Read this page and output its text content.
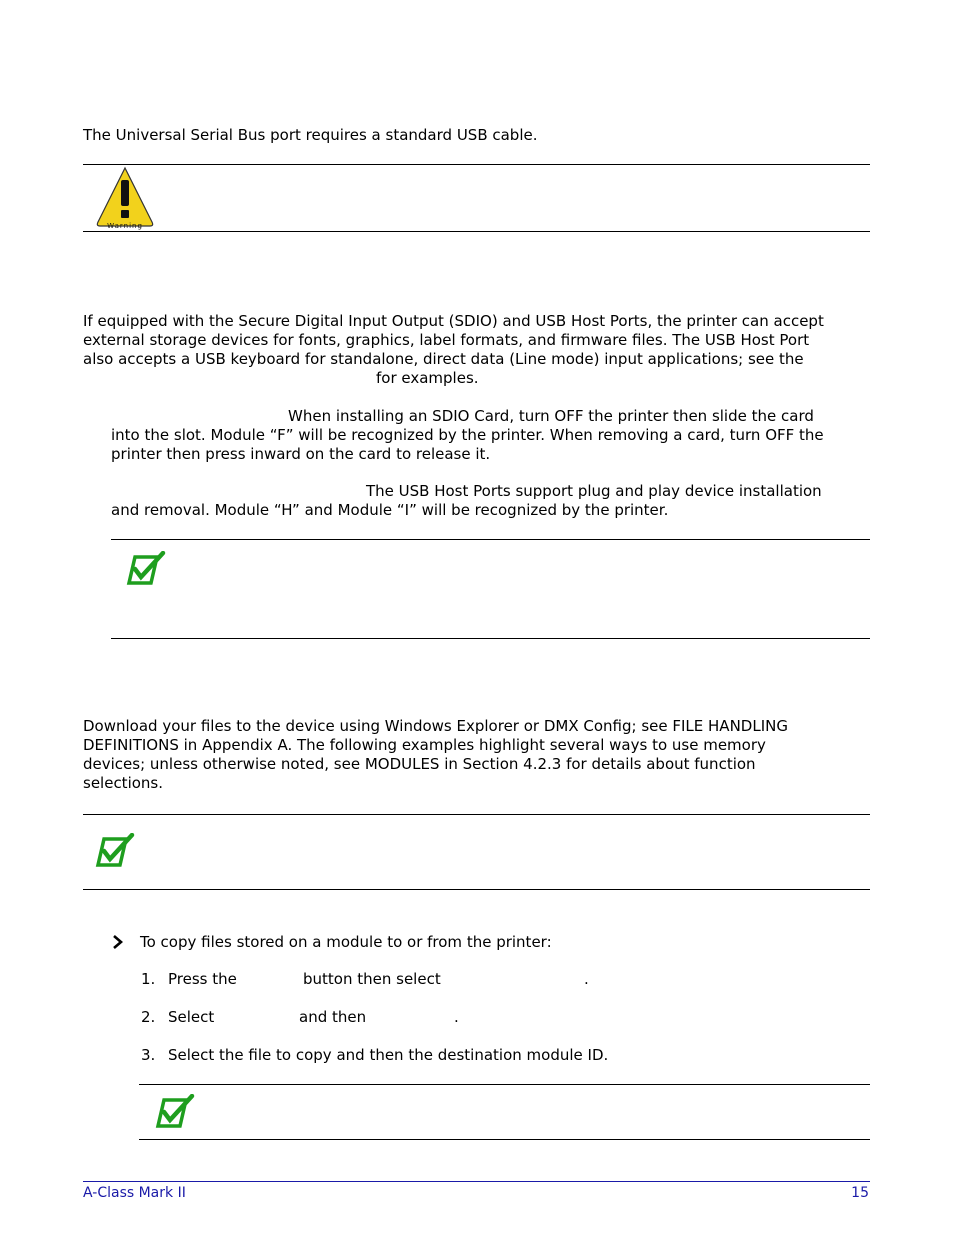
The Universal Serial Bus port requires a standard USB cable.
Warning
If equipped with the Secure Digital Input Output (SDIO) and USB Host Ports, the printer can accept
external storage devices for fonts, graphics, label formats, and firmware files. The USB Host Port
also accepts a USB keyboard for standalone, direct data (Line mode) input applications; see the
for examples.
When installing an SDIO Card, turn OFF the printer then slide the card
into the slot. Module “F” will be recognized by the printer. When removing a card, turn OFF the
printer then press inward on the card to release it.
The USB Host Ports support plug and play device installation
and removal. Module “H” and Module “I” will be recognized by the printer.
Download your files to the device using Windows Explorer or DMX Config; see FILE HANDLING
DEFINITIONS in Appendix A. The following examples highlight several ways to use memory
devices; unless otherwise noted, see MODULES in Section 4.2.3 for details about function
selections.
To copy files stored on a module to or from the printer:
1. Press the	button then select	.
2. Select	and then	.
3. Select the file to copy and then the destination module ID.
A-Class Mark II	15
